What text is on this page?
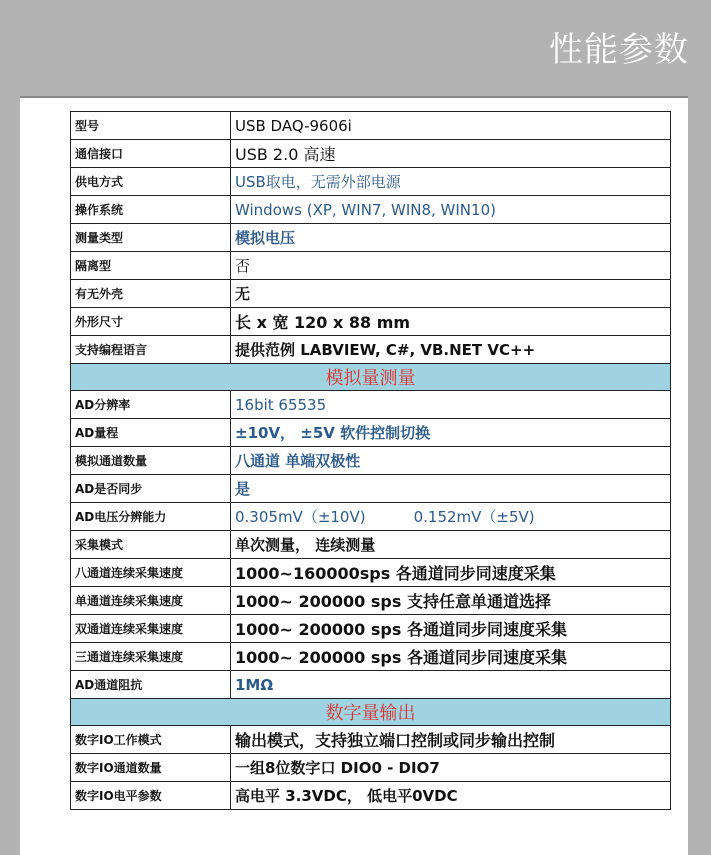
性能参数
型号	USB DAQ-9606i
通信接口	USB 2.0 高速
供电方式	USB取电，无需外部电源
操作系统	Windows (XP, WIN7, WIN8, WIN10)
测量类型	模拟电压
隔离型	否
有无外壳	无
外形尺寸	长 x 宽 120 x 88 mm
支持编程语言	提供范例 LABVIEW, C#, VB.NET VC++
模拟量测量	
AD分辨率	16bit 65535
AD量程	±10V， ±5V 软件控制切换
模拟通道数量	八通道 单端双极性
AD是否同步	是
AD电压分辨能力	0.305mV（±10V) 0.152mV（±5V)
采集模式	单次测量， 连续测量
八通道连续采集速度	1000~160000sps 各通道同步同速度采集
单通道连续采集速度	1000~ 200000 sps 支持任意单通道选择
双通道连续采集速度	1000~ 200000 sps 各通道同步同速度采集
三通道连续采集速度	1000~ 200000 sps 各通道同步同速度采集
AD通道阻抗	1MΩ
数字量输出	
数字IO工作模式	输出模式，支持独立端口控制或同步输出控制
数字IO通道数量	一组8位数字口 DIO0 - DIO7
数字IO电平参数	高电平 3.3VDC， 低电平0VDC
